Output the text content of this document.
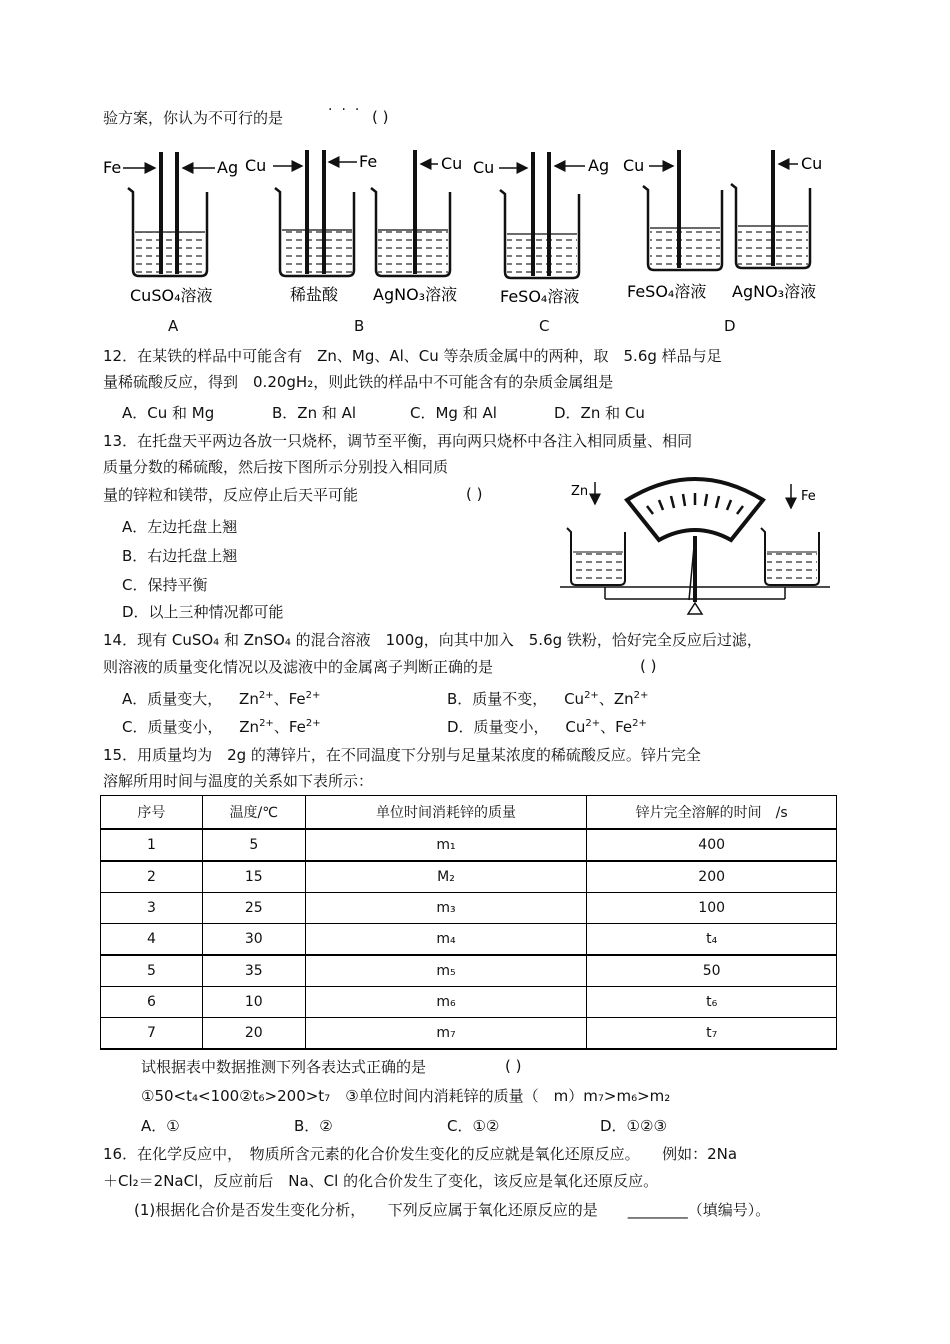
验方案，你认为不可行的是	··· ( )
Fe	Ag
CuSO₄溶液
Cu	Fe
稀盐酸
Cu
AgNO₃溶液
Cu	Ag
FeSO₄溶液
Cu
FeSO₄溶液
Cu
AgNO₃溶液
A	B	C	D
12．在某铁的样品中可能含有　Zn、Mg、Al、Cu 等杂质金属中的两种，取　5.6g 样品与足
量稀硫酸反应，得到　0.20gH₂，则此铁的样品中不可能含有的杂质金属组是
A．Cu 和 Mg	B．Zn 和 Al	C．Mg 和 Al	D．Zn 和 Cu
13．在托盘天平两边各放一只烧杯，调节至平衡，再向两只烧杯中各注入相同质量、相同
质量分数的稀硫酸，然后按下图所示分别投入相同质
量的锌粒和镁带，反应停止后天平可能	( )
A．左边托盘上翘
B．右边托盘上翘
C．保持平衡
D．以上三种情况都可能
Zn	Fe
14．现有 CuSO₄ 和 ZnSO₄ 的混合溶液　100g，向其中加入　5.6g 铁粉，恰好完全反应后过滤，
则溶液的质量变化情况以及滤液中的金属离子判断正确的是	( )
A．质量变大， $Zn^{2+}$、$Fe^{2+}$	B．质量不变， $Cu^{2+}$、$Zn^{2+}$
C．质量变小， $Zn^{2+}$、$Fe^{2+}$	D．质量变小， $Cu^{2+}$、$Fe^{2+}$
15．用质量均为　2g 的薄锌片，在不同温度下分别与足量某浓度的稀硫酸反应。锌片完全
溶解所用时间与温度的关系如下表所示：
序号	温度/℃	单位时间消耗锌的质量	锌片完全溶解的时间　/s
1	5	m₁	400
2	15	M₂	200
3	25	m₃	100
4	30	m₄	t₄
5	35	m₅	50
6	10	m₆	t₆
7	20	m₇	t₇
试根据表中数据推测下列各表达式正确的是	( )
①50<t₄<100②t₆>200>t₇　③单位时间内消耗锌的质量（　m）m₇>m₆>m₂
A．①	B．②	C．①②	D．①②③
16．在化学反应中，　物质所含元素的化合价发生变化的反应就是氧化还原反应。　　例如：2Na
＋Cl₂＝2NaCl，反应前后　Na、Cl 的化合价发生了变化，该反应是氧化还原反应。
(1)根据化合价是否发生变化分析，　　下列反应属于氧化还原反应的是　　________（填编号）。
